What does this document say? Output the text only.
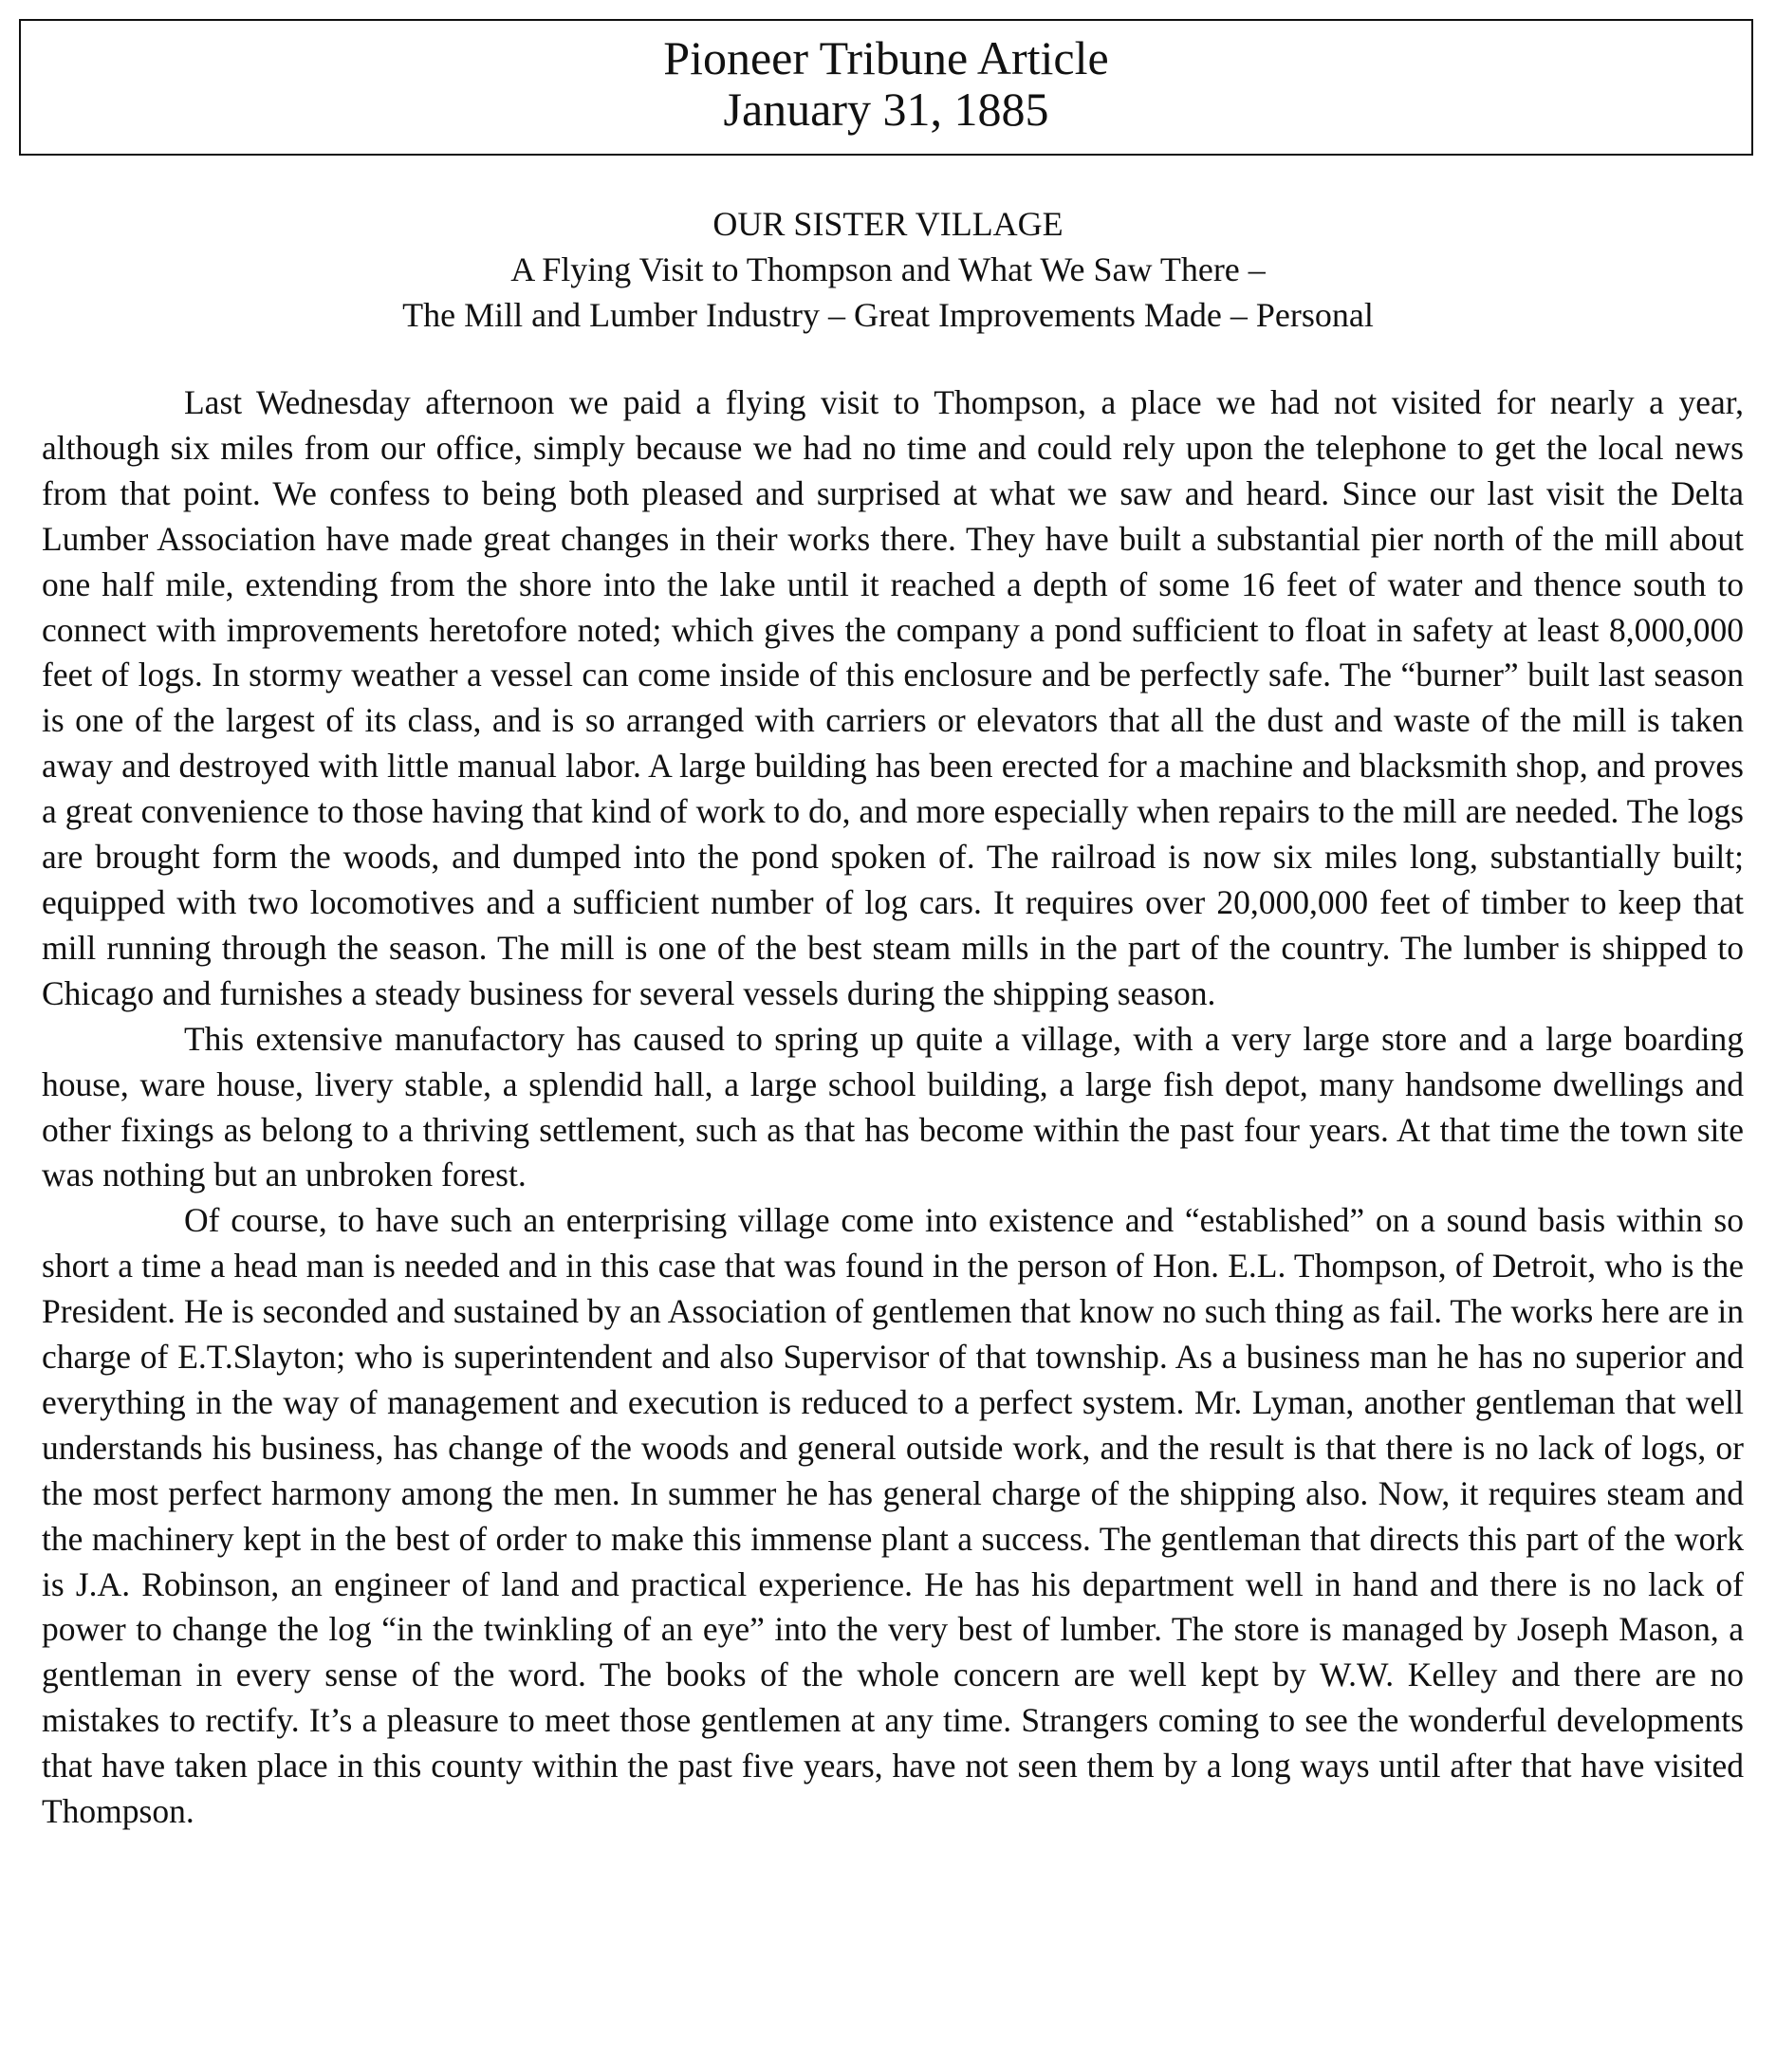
Pioneer Tribune Article

January 31, 1885

OUR SISTER VILLAGE

A Flying Visit to Thompson and What We Saw There –

The Mill and Lumber Industry – Great Improvements Made – Personal

Last Wednesday afternoon we paid a flying visit to Thompson, a place we had not visited for nearly a year, although six miles from our office, simply because we had no time and could rely upon the telephone to get the local news from that point. We confess to being both pleased and surprised at what we saw and heard. Since our last visit the Delta Lumber Association have made great changes in their works there. They have built a substantial pier north of the mill about one half mile, extending from the shore into the lake until it reached a depth of some 16 feet of water and thence south to connect with improvements heretofore noted; which gives the company a pond sufficient to float in safety at least 8,000,000 feet of logs. In stormy weather a vessel can come inside of this enclosure and be perfectly safe. The “burner” built last season is one of the largest of its class, and is so arranged with carriers or elevators that all the dust and waste of the mill is taken away and destroyed with little manual labor. A large building has been erected for a machine and blacksmith shop, and proves a great convenience to those having that kind of work to do, and more especially when repairs to the mill are needed. The logs are brought form the woods, and dumped into the pond spoken of. The railroad is now six miles long, substantially built; equipped with two locomotives and a sufficient number of log cars. It requires over 20,000,000 feet of timber to keep that mill running through the season. The mill is one of the best steam mills in the part of the country. The lumber is shipped to Chicago and furnishes a steady business for several vessels during the shipping season.

This extensive manufactory has caused to spring up quite a village, with a very large store and a large boarding house, ware house, livery stable, a splendid hall, a large school building, a large fish depot, many handsome dwellings and other fixings as belong to a thriving settlement, such as that has become within the past four years. At that time the town site was nothing but an unbroken forest.

Of course, to have such an enterprising village come into existence and “established” on a sound basis within so short a time a head man is needed and in this case that was found in the person of Hon. E.L. Thompson, of Detroit, who is the President. He is seconded and sustained by an Association of gentlemen that know no such thing as fail. The works here are in charge of E.T.Slayton; who is superintendent and also Supervisor of that township. As a business man he has no superior and everything in the way of management and execution is reduced to a perfect system. Mr. Lyman, another gentleman that well understands his business, has change of the woods and general outside work, and the result is that there is no lack of logs, or the most perfect harmony among the men. In summer he has general charge of the shipping also. Now, it requires steam and the machinery kept in the best of order to make this immense plant a success. The gentleman that directs this part of the work is J.A. Robinson, an engineer of land and practical experience. He has his department well in hand and there is no lack of power to change the log “in the twinkling of an eye” into the very best of lumber. The store is managed by Joseph Mason, a gentleman in every sense of the word. The books of the whole concern are well kept by W.W. Kelley and there are no mistakes to rectify. It’s a pleasure to meet those gentlemen at any time. Strangers coming to see the wonderful developments that have taken place in this county within the past five years, have not seen them by a long ways until after that have visited Thompson.
